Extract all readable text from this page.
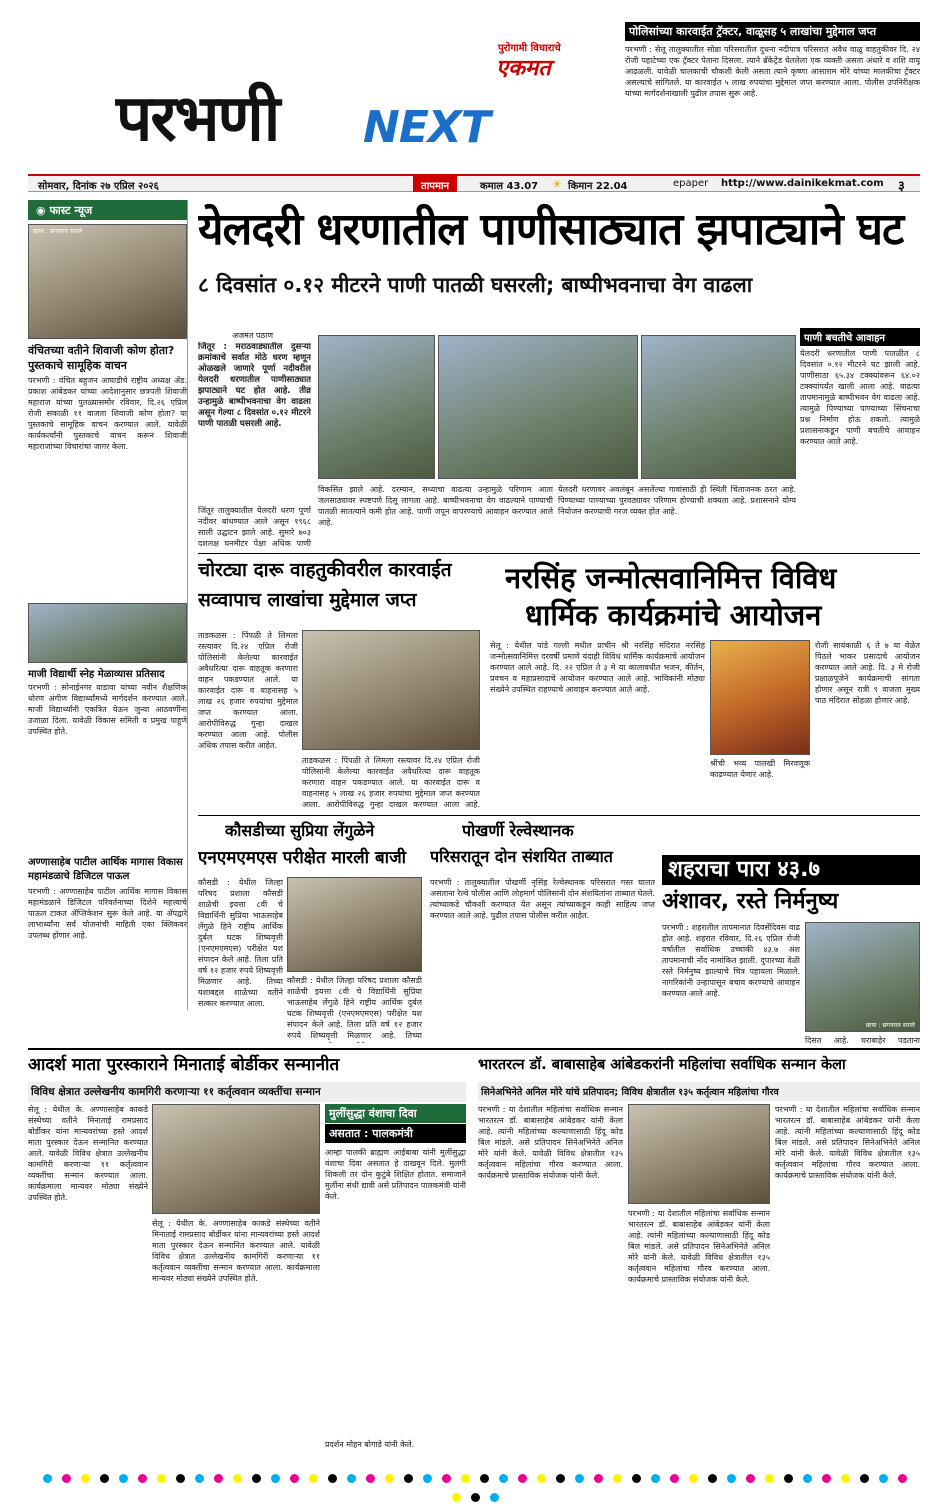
पुरोगामी विचाराचे
एकमत
परभणी NEXT
पोलिसांच्या कारवाईत ट्रॅक्टर, वाळूसह ५ लाखांचा मुद्देमाल जप्त
परभणी : सेलू तालुक्यातील सोन्ना परिसरातील दुधना नदीपात्र परिसरात अवैध वाळू वाहतुकीवर दि. २४ रोजी पहाटेच्या एक ट्रॅक्टर पेताना दिसला. त्याने ब्रॅकेट्रेड घेतलेला एक व्यक्ती असता अंधारे व शशि वायू आढळली. यावेळी चालकाची चौकशी केली असता त्याने कृष्णा आसाराम मोरे यांच्या मालकीचा ट्रॅक्टर असल्याचे सांगितले. या कारवाईत ५ लाख रुपयांचा मुद्देमाल जप्त करण्यात आला. पोलीस उपनिरीक्षक यांच्या मार्गदर्शनाखाली पुढील तपास सुरू आहे.
सोमवार, दिनांक २७ एप्रिल २०२६	तापमान	कमाल 43.07 ☀ किमान 22.04	epaper http://www.dainikekmat.com ३
◉ फास्ट न्यूज
छाया : छगनराव दमाले
वंचितच्या वतीने शिवाजी कोण होता? पुस्तकाचे सामूहिक वाचन
परभणी : वंचित बहुजन आघाडीचे राष्ट्रीय अध्यक्ष ॲड. प्रकाश आंबेडकर यांच्या आदेशानुसार छत्रपती शिवाजी महाराज यांच्या पुतळ्यासमोर रविवार, दि.२६ एप्रिल रोजी सकाळी ११ वाजता शिवाजी कोण होता? या पुस्तकाचे सामूहिक वाचन करण्यात आले. यावेळी कार्यकर्त्यांनी पुस्तकाचे वाचन करून शिवाजी महाराजांच्या विचारांचा जागर केला.
माजी विद्यार्थी स्नेह मेळाव्यास प्रतिसाद
परभणी : सोनाईनगर वाडावा यांच्या नवीन शैक्षणिक धोरण अंगीण विद्यार्थ्यांमध्ये मार्गदर्शन करण्यात आले. माजी विद्यार्थ्यांनी एकत्रित येऊन जुन्या आठवणींना उजाळा दिला. यावेळी विकास समिती व प्रमुख पाहुणे उपस्थित होते.
अण्णासाहेब पाटील आर्थिक मागास विकास महामंडळाचे डिजिटल पाऊल
परभणी : अण्णासाहेब पाटील आर्थिक मागास विकास महामंडळाने डिजिटल परिवर्तनाच्या दिशेने महत्त्वाचे पाऊल टाकत ॲप्लिकेशन सुरू केले आहे. या ॲपद्वारे लाभार्थ्यांना सर्व योजनांची माहिती एका क्लिकवर उपलब्ध होणार आहे.
येलदरी धरणातील पाणीसाठ्यात झपाट्याने घट
८ दिवसांत ०.१२ मीटरने पाणी पातळी घसरली; बाष्पीभवनाचा वेग वाढला
अजमत पठाण
जिंतूर : मराठवाड्यातील दुसऱ्या क्रमांकाचे सर्वात मोठे धरण म्हणून ओळखले जाणारे पूर्णा नदीवरील येलदरी धरणातील पाणीसाठ्यात झपाट्याने घट होत आहे. तीव्र उन्हामुळे बाष्पीभवनाचा वेग वाढला असून गेल्या ८ दिवसांत ०.१२ मीटरने पाणी पातळी घसरली आहे.
जिंतूर तालुक्यातील येलदरी धरण पूर्णा नदीवर बांधण्यात आले असून १९६८ साली उद्घाटन झाले आहे. सुमारे ७०३ दशलक्ष घनमीटर पेक्षा अधिक पाणी
विकसित झाले आहे. दरम्यान, सध्याचा वाढत्या उन्हामुळे परिणाम आता जलसाठ्यावर स्पष्टपणे दिसू लागला आहे. बाष्पीभवनाचा वेग वाढल्याने पाण्याची पातळी सातत्याने कमी होत आहे. पाणी जपून वापरण्याचे आवाहन करण्यात आले आहे.
येलदरी धरणावर अवलंबून असलेल्या गावांसाठी ही स्थिती चिंताजनक ठरत आहे. पिण्याच्या पाण्याच्या पुरवठ्यावर परिणाम होण्याची शक्यता आहे. प्रशासनाने योग्य नियोजन करण्याची गरज व्यक्त होत आहे.
पाणी बचतीचे आवाहन
येलदरी धरणातील पाणी पातळीत ८ दिवसांत ०.१२ मीटरने घट झाली आहे. पाणीसाठा ६५.३४ टक्क्यांवरून ६४.०२ टक्क्यांपर्यंत खाली आला आहे. वाढत्या तापमानामुळे बाष्पीभवन वेग वाढला आहे. त्यामुळे पिण्याच्या पाण्याच्या सिंचनाचा प्रश्न निर्माण होऊ शकतो. त्यामुळे प्रशासनाकडून पाणी बचतीचे आवाहन करण्यात आले आहे.
चोरट्या दारू वाहतुकीवरील कारवाईत
सव्वापाच लाखांचा मुद्देमाल जप्त
ताडकळस : पिंपळी ते लिमला रस्त्यावर दि.२४ एप्रिल रोजी पोलिसांनी केलेल्या कारवाईत अवैधरित्या दारू वाहतूक करणारा वाहन पकडण्यात आले. या कारवाईत दारू व वाहनासह ५ लाख २६ हजार रुपयांचा मुद्देमाल जप्त करण्यात आला. आरोपीविरुद्ध गुन्हा दाखल करण्यात आला आहे. पोलीस अधिक तपास करीत आहेत.
ताडकळस : पिंपळी ते लिमला रस्त्यावर दि.२४ एप्रिल रोजी पोलिसांनी केलेल्या कारवाईत अवैधरित्या दारू वाहतूक करणारा वाहन पकडण्यात आले. या कारवाईत दारू व वाहनासह ५ लाख २६ हजार रुपयांचा मुद्देमाल जप्त करण्यात आला. आरोपीविरुद्ध गुन्हा दाखल करण्यात आला आहे.
नरसिंह जन्मोत्सवानिमित्त विविध
धार्मिक कार्यक्रमांचे आयोजन
सेलू : येथील पांडे गल्ली मधील प्राचीन श्री नरसिंह मंदिरात नरसिंह जन्मोत्सवानिमित्त दरवर्षी प्रमाणे यंदाही विविध धार्मिक कार्यक्रमांचे आयोजन करण्यात आले आहे. दि. २२ एप्रिल ते ३ मे या कालावधीत भजन, कीर्तन, प्रवचन व महाप्रसादाचे आयोजन करण्यात आले आहे. भाविकांनी मोठ्या संख्येने उपस्थित राहण्याचे आवाहन करण्यात आले आहे.
श्रींची भव्य पालखी मिरवणूक काढण्यात येणार आहे.
रोजी सायंकाळी ६ ते ७ या वेळेत पिठले भाकर प्रसादाचे आयोजन करण्यात आले आहे. दि. ३ मे रोजी प्रक्षाळपूजेने कार्यक्रमाची सांगता होणार असून रात्री ९ वाजता मुख्य पाठ मंदिरात सोहळा होणार आहे.
कौसडीच्या सुप्रिया लेंगुळेने
एनएमएमएस परीक्षेत मारली बाजी
कौसडी : येथील जिल्हा परिषद प्रशाला कौसडी शाळेची इयत्ता ८वी चे विद्यार्थिनी सुप्रिया भाऊसाहेब लेंगुळे हिने राष्ट्रीय आर्थिक दुर्बल घटक शिष्यवृत्ती (एनएमएमएस) परीक्षेत यश संपादन केले आहे. तिला प्रति वर्ष १२ हजार रुपये शिष्यवृत्ती मिळणार आहे. तिच्या यशाबद्दल शाळेच्या वतीने सत्कार करण्यात आला.
कौसडी : येथील जिल्हा परिषद प्रशाला कौसडी शाळेची इयत्ता ८वी चे विद्यार्थिनी सुप्रिया भाऊसाहेब लेंगुळे हिने राष्ट्रीय आर्थिक दुर्बल घटक शिष्यवृत्ती (एनएमएमएस) परीक्षेत यश संपादन केले आहे. तिला प्रति वर्ष १२ हजार रुपये शिष्यवृत्ती मिळणार आहे. तिच्या
पोखर्णी रेल्वेस्थानक
परिसरातून दोन संशयित ताब्यात
परभणी : तालुक्यातील पोखर्णी नृसिंह रेल्वेस्थानक परिसरात गस्त घालत असताना रेल्वे पोलीस आणि लोहमार्ग पोलिसांनी दोन संशयितांना ताब्यात घेतले. त्यांच्याकडे चौकशी करण्यात येत असून त्यांच्याकडून काही साहित्य जप्त करण्यात आले आहे. पुढील तपास पोलीस करीत आहेत.
शहराचा पारा ४३.७
अंशावर, रस्ते निर्मनुष्य
परभणी : शहरातील तापमानात दिवसेंदिवस वाढ होत आहे. शहरात रविवार, दि.२६ एप्रिल रोजी वर्षातील सर्वाधिक उच्चांकी ४३.७ अंश तापमानाची नोंद नामांकित झाली. दुपारच्या वेळी रस्ते निर्मनुष्य झाल्याचे चित्र पहायला मिळाले. नागरिकांनी उन्हापासून बचाव करण्याचे आवाहन करण्यात आले आहे.
छाया : छगनराव दमाले
दिसत आहे. घराबाहेर पडताना
आदर्श माता पुरस्काराने मिनाताई बोर्डीकर सन्मानीत
विविध क्षेत्रात उल्लेखनीय कामगिरी करणाऱ्या ११ कर्तृत्ववान व्यक्तींचा सन्मान
सेलू : येथील के. अण्णासाहेब काकडे संस्थेच्या वतीने मिनाताई रामप्रसाद बोर्डीकर यांना मान्यवरांच्या हस्ते आदर्श माता पुरस्कार देऊन सन्मानित करण्यात आले. यावेळी विविध क्षेत्रात उल्लेखनीय कामगिरी करणाऱ्या ११ कर्तृत्ववान व्यक्तींचा सन्मान करण्यात आला. कार्यक्रमाला मान्यवर मोठ्या संख्येने उपस्थित होते.
सेलू : येथील के. अण्णासाहेब काकडे संस्थेच्या वतीने मिनाताई रामप्रसाद बोर्डीकर यांना मान्यवरांच्या हस्ते आदर्श माता पुरस्कार देऊन सन्मानित करण्यात आले. यावेळी विविध क्षेत्रात उल्लेखनीय कामगिरी करणाऱ्या ११ कर्तृत्ववान व्यक्तींचा सन्मान करण्यात आला. कार्यक्रमाला मान्यवर मोठ्या संख्येने उपस्थित होते.
मुलींसुद्धा वंशाचा दिवा
असतात : पालकमंत्री
आम्हा पालकी ब्राह्मण आईबाबा यांनी मुलींसुद्धा वंशाचा दिवा असतात हे दाखवून दिले. मुलगी शिकली तर दोन कुटुंबे शिक्षित होतात. समाजाने मुलींना संधी द्यावी असे प्रतिपादन पालकमंत्री यांनी केले.
प्रदर्शन मोहन बोगाडे यांनी केले.
भारतरत्न डॉ. बाबासाहेब आंबेडकरांनी महिलांचा सर्वाधिक सन्मान केला
सिनेअभिनेते अनिल मोरे यांचे प्रतिपादन; विविध क्षेत्रातील १३५ कर्तृत्वान महिलांचा गौरव
परभणी : या देशातील महिलांचा सर्वाधिक सन्मान भारतरत्न डॉ. बाबासाहेब आंबेडकर यांनी केला आहे. त्यांनी महिलांच्या कल्याणासाठी हिंदू कोड बिल मांडले. असे प्रतिपादन सिनेअभिनेते अनिल मोरे यांनी केले. यावेळी विविध क्षेत्रातील १३५ कर्तृत्ववान महिलांचा गौरव करण्यात आला. कार्यक्रमाचे प्रास्ताविक संयोजक यांनी केले.
परभणी : या देशातील महिलांचा सर्वाधिक सन्मान भारतरत्न डॉ. बाबासाहेब आंबेडकर यांनी केला आहे. त्यांनी महिलांच्या कल्याणासाठी हिंदू कोड बिल मांडले. असे प्रतिपादन सिनेअभिनेते अनिल मोरे यांनी केले. यावेळी विविध क्षेत्रातील १३५ कर्तृत्ववान महिलांचा गौरव करण्यात आला. कार्यक्रमाचे प्रास्ताविक संयोजक यांनी केले.
परभणी : या देशातील महिलांचा सर्वाधिक सन्मान भारतरत्न डॉ. बाबासाहेब आंबेडकर यांनी केला आहे. त्यांनी महिलांच्या कल्याणासाठी हिंदू कोड बिल मांडले. असे प्रतिपादन सिनेअभिनेते अनिल मोरे यांनी केले. यावेळी विविध क्षेत्रातील १३५ कर्तृत्ववान महिलांचा गौरव करण्यात आला. कार्यक्रमाचे प्रास्ताविक संयोजक यांनी केले.
